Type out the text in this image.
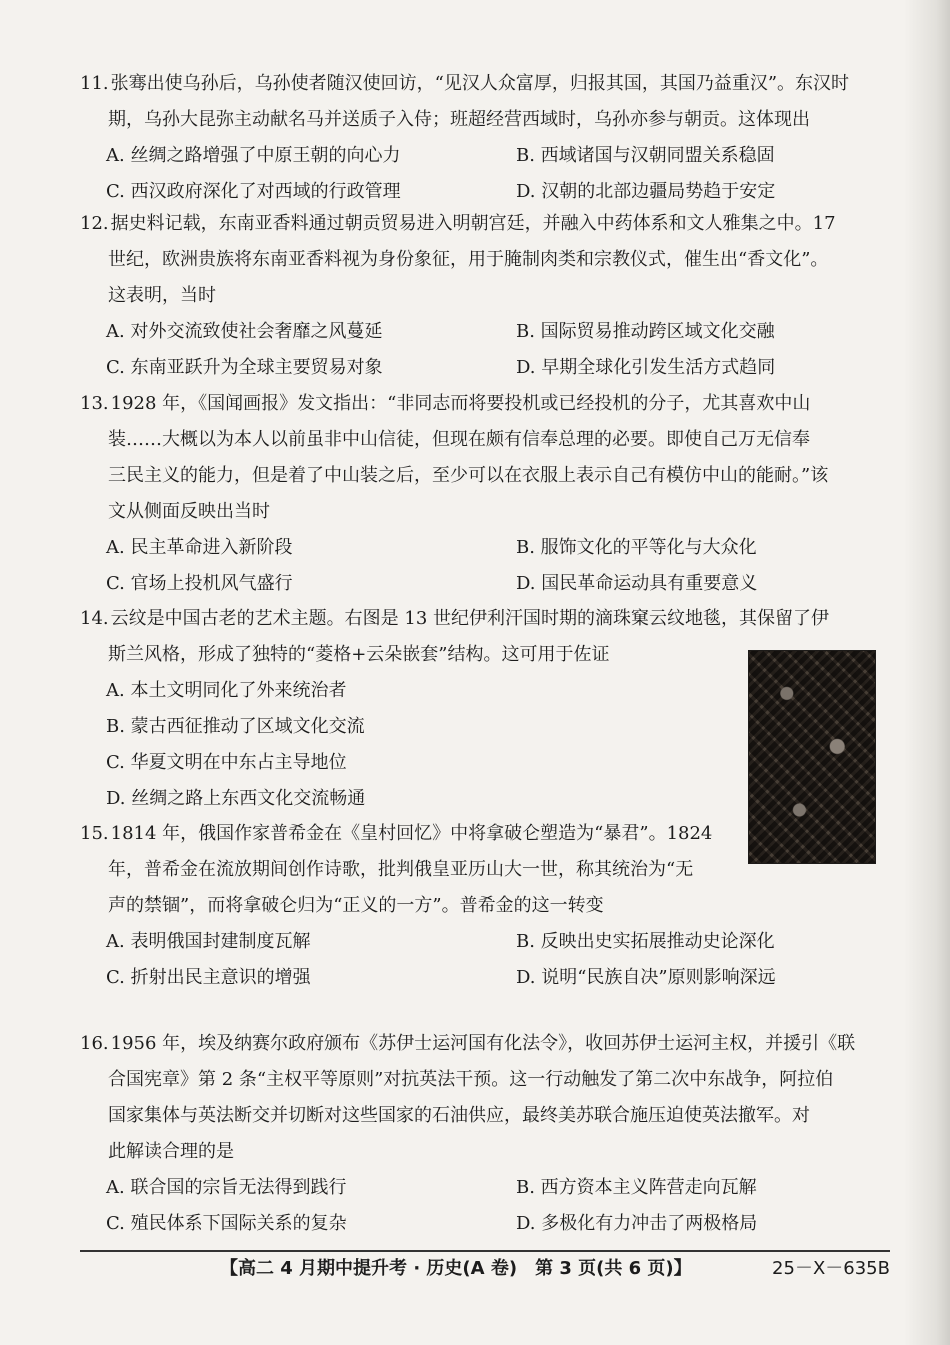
11. 张骞出使乌孙后，乌孙使者随汉使回访，“见汉人众富厚，归报其国，其国乃益重汉”。东汉时
期，乌孙大昆弥主动献名马并送质子入侍；班超经营西域时，乌孙亦参与朝贡。这体现出

A. 丝绸之路增强了中原王朝的向心力	B. 西域诸国与汉朝同盟关系稳固
C. 西汉政府深化了对西域的行政管理	D. 汉朝的北部边疆局势趋于安定

12. 据史料记载，东南亚香料通过朝贡贸易进入明朝宫廷，并融入中药体系和文人雅集之中。17
世纪，欧洲贵族将东南亚香料视为身份象征，用于腌制肉类和宗教仪式，催生出“香文化”。
这表明，当时

A. 对外交流致使社会奢靡之风蔓延	B. 国际贸易推动跨区域文化交融
C. 东南亚跃升为全球主要贸易对象	D. 早期全球化引发生活方式趋同

13. 1928 年，《国闻画报》发文指出：“非同志而将要投机或已经投机的分子，尤其喜欢中山
装……大概以为本人以前虽非中山信徒，但现在颇有信奉总理的必要。即使自己万无信奉
三民主义的能力，但是着了中山装之后，至少可以在衣服上表示自己有模仿中山的能耐。”该
文从侧面反映出当时

A. 民主革命进入新阶段	B. 服饰文化的平等化与大众化
C. 官场上投机风气盛行	D. 国民革命运动具有重要意义

14. 云纹是中国古老的艺术主题。右图是 13 世纪伊利汗国时期的滴珠窠云纹地毯，其保留了伊
斯兰风格，形成了独特的“菱格+云朵嵌套”结构。这可用于佐证

A. 本土文明同化了外来统治者
B. 蒙古西征推动了区域文化交流
C. 华夏文明在中东占主导地位
D. 丝绸之路上东西文化交流畅通

15. 1814 年，俄国作家普希金在《皇村回忆》中将拿破仑塑造为“暴君”。1824
年，普希金在流放期间创作诗歌，批判俄皇亚历山大一世，称其统治为“无
声的禁锢”，而将拿破仑归为“正义的一方”。普希金的这一转变

A. 表明俄国封建制度瓦解	B. 反映出史实拓展推动史论深化
C. 折射出民主意识的增强	D. 说明“民族自决”原则影响深远

16. 1956 年，埃及纳赛尔政府颁布《苏伊士运河国有化法令》，收回苏伊士运河主权，并援引《联
合国宪章》第 2 条“主权平等原则”对抗英法干预。这一行动触发了第二次中东战争，阿拉伯
国家集体与英法断交并切断对这些国家的石油供应，最终美苏联合施压迫使英法撤军。对
此解读合理的是

A. 联合国的宗旨无法得到践行	B. 西方资本主义阵营走向瓦解
C. 殖民体系下国际关系的复杂	D. 多极化有力冲击了两极格局
【高二 4 月期中提升考 · 历史(A 卷)　第 3 页(共 6 页)】	25－X－635B
